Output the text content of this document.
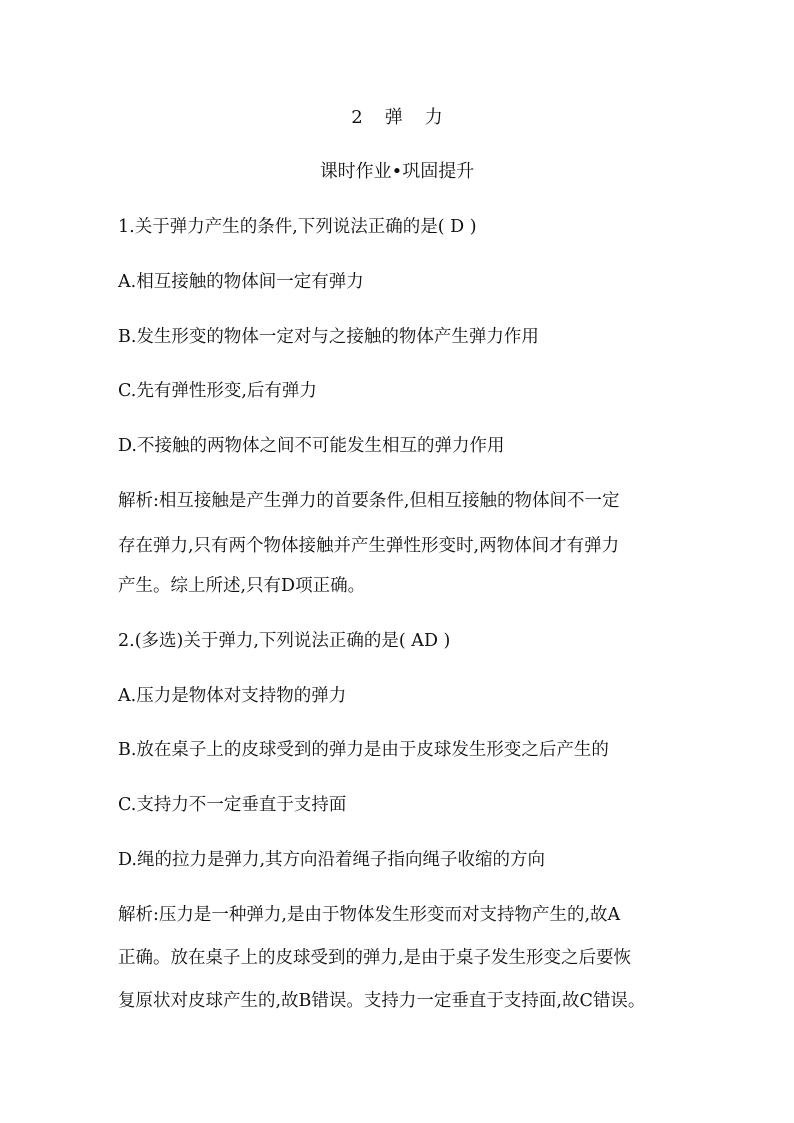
2 弹 力
课时作业•巩固提升
1.关于弹力产生的条件,下列说法正确的是( D )
A.相互接触的物体间一定有弹力
B.发生形变的物体一定对与之接触的物体产生弹力作用
C.先有弹性形变,后有弹力
D.不接触的两物体之间不可能发生相互的弹力作用
解析:相互接触是产生弹力的首要条件,但相互接触的物体间不一定
存在弹力,只有两个物体接触并产生弹性形变时,两物体间才有弹力
产生。综上所述,只有D项正确。
2.(多选)关于弹力,下列说法正确的是( AD )
A.压力是物体对支持物的弹力
B.放在桌子上的皮球受到的弹力是由于皮球发生形变之后产生的
C.支持力不一定垂直于支持面
D.绳的拉力是弹力,其方向沿着绳子指向绳子收缩的方向
解析:压力是一种弹力,是由于物体发生形变而对支持物产生的,故A
正确。放在桌子上的皮球受到的弹力,是由于桌子发生形变之后要恢
复原状对皮球产生的,故B错误。支持力一定垂直于支持面,故C错误。
